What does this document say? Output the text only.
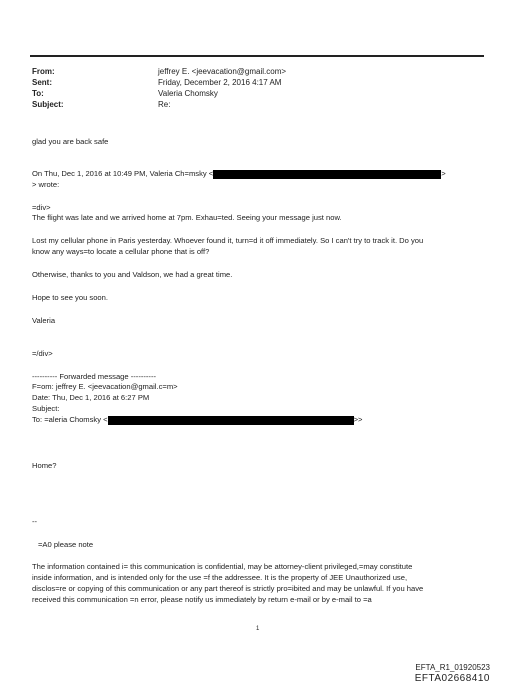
From:	jeffrey E. <jeevacation@gmail.com>
Sent:	Friday, December 2, 2016 4:17 AM
To:	Valeria Chomsky
Subject:	Re:
glad you are back safe
On Thu, Dec 1, 2016 at 10:49 PM, Valeria Ch=msky <	>
> wrote:
=div>
The flight was late and we arrived home at 7pm. Exhau=ted. Seeing your message just now.
Lost my cellular phone in Paris yesterday. Whoever found it, turn=d it off immediately. So I can't try to track it. Do you
know any ways=to locate a cellular phone that is off?
Otherwise, thanks to you and Valdson, we had a great time.
Hope to see you soon.
Valeria
=/div>
---------- Forwarded message ----------
F=om: jeffrey E. <jeevacation@gmail.c=m>
Date: Thu, Dec 1, 2016 at 6:27 PM
Subject:
To: =aleria Chomsky <	>>
Home?
--
=A0 please note
The information contained i= this communication is confidential, may be attorney-client privileged,=may constitute
inside information, and is intended only for the use =f the addressee. It is the property of JEE Unauthorized use,
disclos=re or copying of this communication or any part thereof is strictly pro=ibited and may be unlawful. If you have
received this communication =n error, please notify us immediately by return e-mail or by e-mail to =a
1
EFTA_R1_01920523
EFTA02668410
